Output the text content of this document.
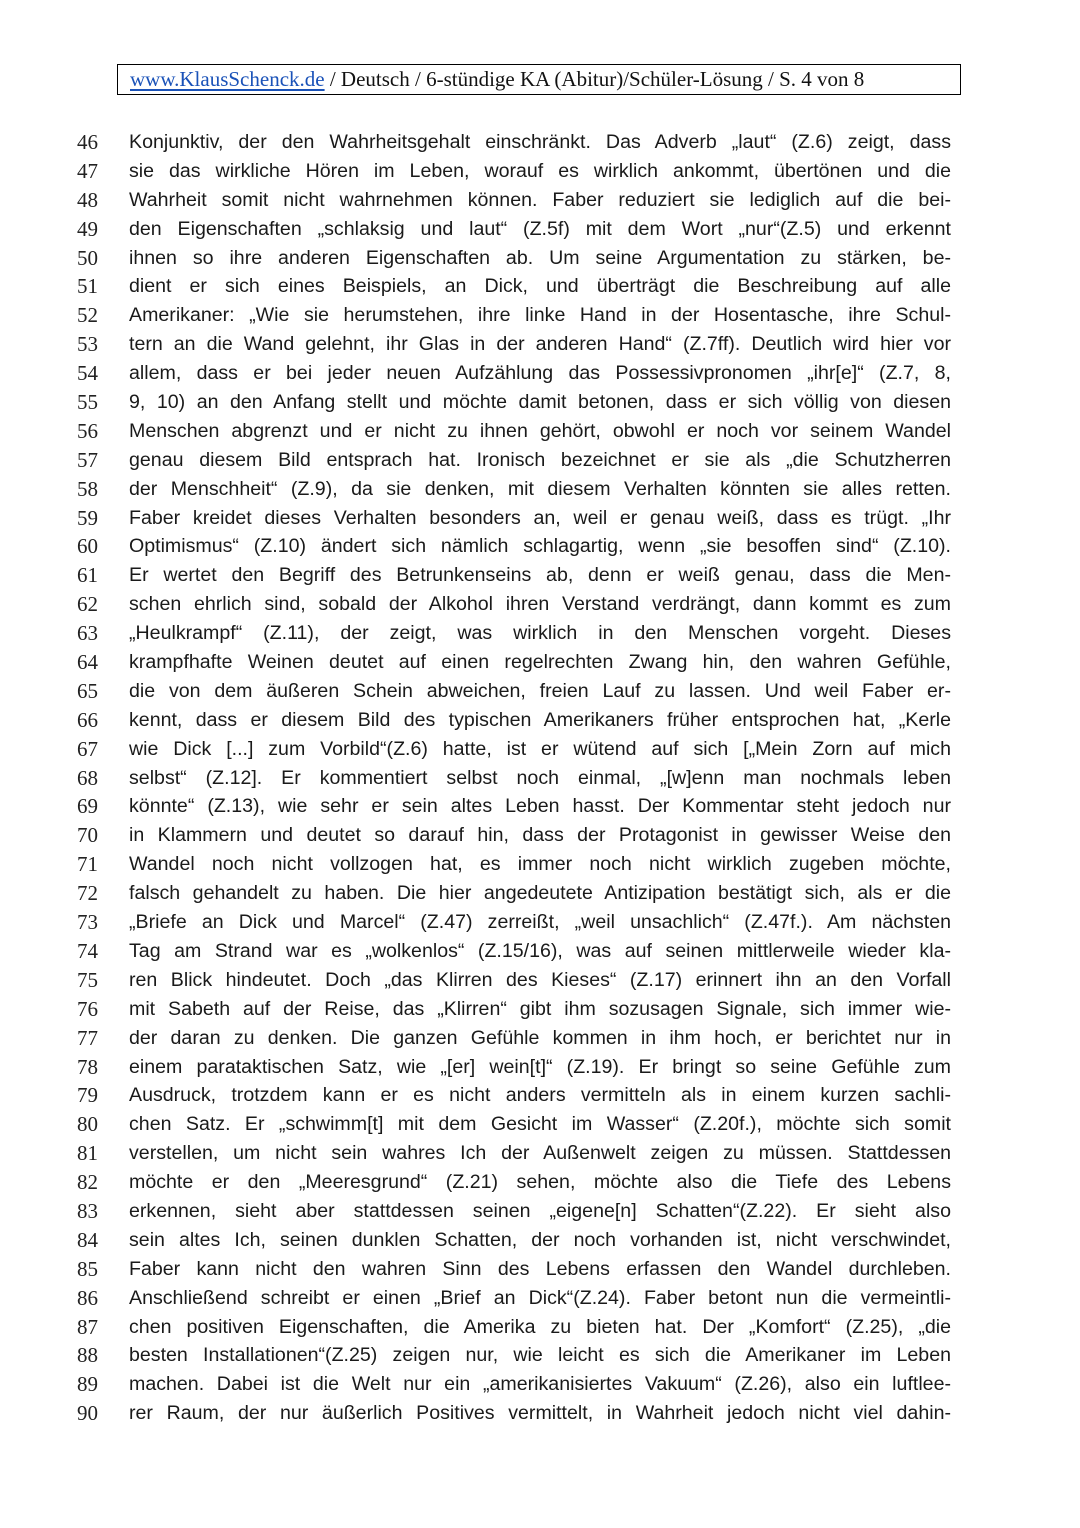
www.KlausSchenck.de / Deutsch / 6-stündige KA (Abitur)/Schüler-Lösung / S. 4 von 8
46 Konjunktiv, der den Wahrheitsgehalt einschränkt. Das Adverb „laut“ (Z.6) zeigt, dass
47 sie das wirkliche Hören im Leben, worauf es wirklich ankommt, übertönen und die
48 Wahrheit somit nicht wahrnehmen können. Faber reduziert sie lediglich auf die bei-
49 den Eigenschaften „schlaksig und laut“ (Z.5f) mit dem Wort „nur“(Z.5) und erkennt
50 ihnen so ihre anderen Eigenschaften ab. Um seine Argumentation zu stärken, be-
51 dient er sich eines Beispiels, an Dick, und überträgt die Beschreibung auf alle
52 Amerikaner: „Wie sie herumstehen, ihre linke Hand in der Hosentasche, ihre Schul-
53 tern an die Wand gelehnt, ihr Glas in der anderen Hand“ (Z.7ff). Deutlich wird hier vor
54 allem, dass er bei jeder neuen Aufzählung das Possessivpronomen „ihr[e]“ (Z.7, 8,
55 9, 10) an den Anfang stellt und möchte damit betonen, dass er sich völlig von diesen
56 Menschen abgrenzt und er nicht zu ihnen gehört, obwohl er noch vor seinem Wandel
57 genau diesem Bild entsprach hat. Ironisch bezeichnet er sie als „die Schutzherren
58 der Menschheit“ (Z.9), da sie denken, mit diesem Verhalten könnten sie alles retten.
59 Faber kreidet dieses Verhalten besonders an, weil er genau weiß, dass es trügt. „Ihr
60 Optimismus“ (Z.10) ändert sich nämlich schlagartig, wenn „sie besoffen sind“ (Z.10).
61 Er wertet den Begriff des Betrunkenseins ab, denn er weiß genau, dass die Men-
62 schen ehrlich sind, sobald der Alkohol ihren Verstand verdrängt, dann kommt es zum
63 „Heulkrampf“ (Z.11), der zeigt, was wirklich in den Menschen vorgeht. Dieses
64 krampfhafte Weinen deutet auf einen regelrechten Zwang hin, den wahren Gefühle,
65 die von dem äußeren Schein abweichen, freien Lauf zu lassen. Und weil Faber er-
66 kennt, dass er diesem Bild des typischen Amerikaners früher entsprochen hat, „Kerle
67 wie Dick [...] zum Vorbild“(Z.6) hatte, ist er wütend auf sich [„Mein Zorn auf mich
68 selbst“ (Z.12]. Er kommentiert selbst noch einmal, „[w]enn man nochmals leben
69 könnte“ (Z.13), wie sehr er sein altes Leben hasst. Der Kommentar steht jedoch nur
70 in Klammern und deutet so darauf hin, dass der Protagonist in gewisser Weise den
71 Wandel noch nicht vollzogen hat, es immer noch nicht wirklich zugeben möchte,
72 falsch gehandelt zu haben. Die hier angedeutete Antizipation bestätigt sich, als er die
73 „Briefe an Dick und Marcel“ (Z.47) zerreißt, „weil unsachlich“ (Z.47f.). Am nächsten
74 Tag am Strand war es „wolkenlos“ (Z.15/16), was auf seinen mittlerweile wieder kla-
75 ren Blick hindeutet. Doch „das Klirren des Kieses“ (Z.17) erinnert ihn an den Vorfall
76 mit Sabeth auf der Reise, das „Klirren“ gibt ihm sozusagen Signale, sich immer wie-
77 der daran zu denken. Die ganzen Gefühle kommen in ihm hoch, er berichtet nur in
78 einem parataktischen Satz, wie „[er] wein[t]“ (Z.19). Er bringt so seine Gefühle zum
79 Ausdruck, trotzdem kann er es nicht anders vermitteln als in einem kurzen sachli-
80 chen Satz. Er „schwimm[t] mit dem Gesicht im Wasser“ (Z.20f.), möchte sich somit
81 verstellen, um nicht sein wahres Ich der Außenwelt zeigen zu müssen. Stattdessen
82 möchte er den „Meeresgrund“ (Z.21) sehen, möchte also die Tiefe des Lebens
83 erkennen, sieht aber stattdessen seinen „eigene[n] Schatten“(Z.22). Er sieht also
84 sein altes Ich, seinen dunklen Schatten, der noch vorhanden ist, nicht verschwindet,
85 Faber kann nicht den wahren Sinn des Lebens erfassen den Wandel durchleben.
86 Anschließend schreibt er einen „Brief an Dick“(Z.24). Faber betont nun die vermeintli-
87 chen positiven Eigenschaften, die Amerika zu bieten hat. Der „Komfort“ (Z.25), „die
88 besten Installationen“(Z.25) zeigen nur, wie leicht es sich die Amerikaner im Leben
89 machen. Dabei ist die Welt nur ein „amerikanisiertes Vakuum“ (Z.26), also ein luftlee-
90 rer Raum, der nur äußerlich Positives vermittelt, in Wahrheit jedoch nicht viel dahin-
